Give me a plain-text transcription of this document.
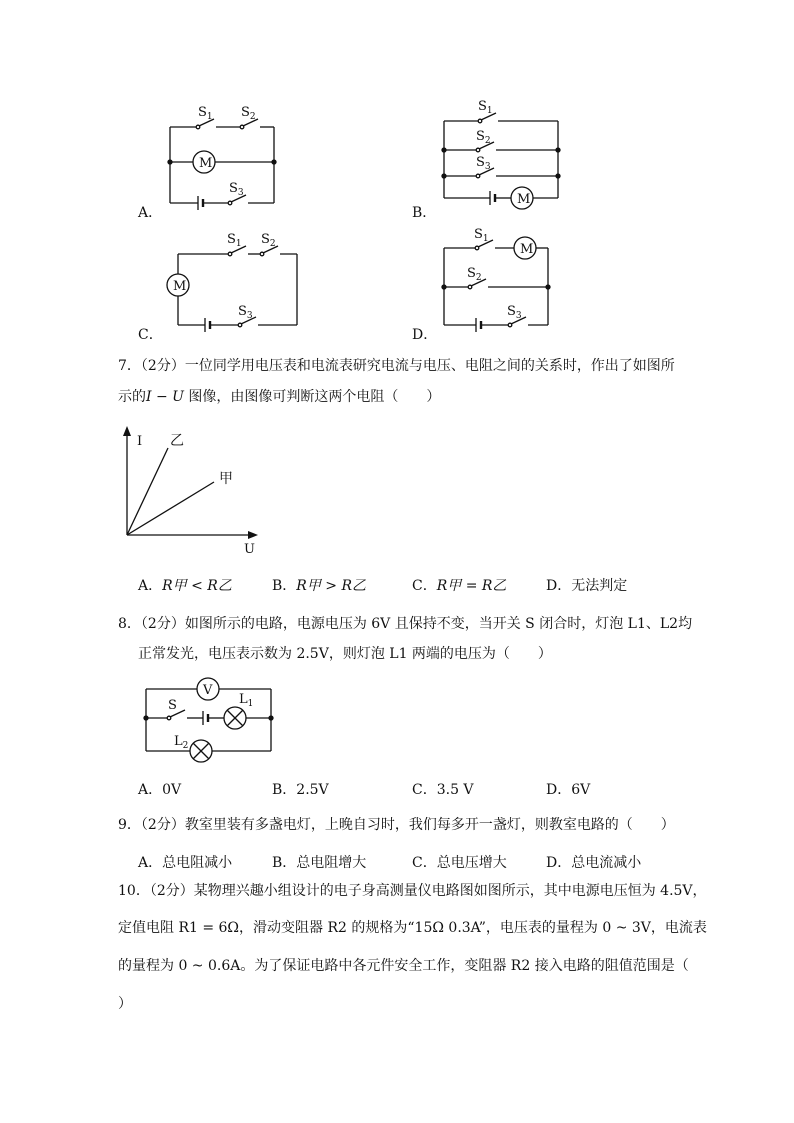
$S_1$ $S_2$
M
$S_3$
$S_1$
$S_2$
$S_3$
M
$S_1$ $S_2$
M
$S_3$
$S_1$
M
$S_2$
$S_3$
A．	B．
C．	D．
7．（2分）一位同学用电压表和电流表研究电流与电压、电阻之间的关系时，作出了如图所
示的I − U 图像，由图像可判断这两个电阻（　　）
I
U
乙
甲
A．R甲 < R乙	B．R甲 > R乙	C．R甲 = R乙	D．无法判定
8．（2分）如图所示的电路，电源电压为 6V 且保持不变，当开关 S 闭合时，灯泡 L1、L2均
正常发光，电压表示数为 2.5V，则灯泡 L1 两端的电压为（　　）
V
S	$L_1$
$L_2$
A．0V	B．2.5V	C．3.5 V	D．6V
9．（2分）教室里装有多盏电灯，上晚自习时，我们每多开一盏灯，则教室电路的（　　）
A．总电阻减小	B．总电阻增大	C．总电压增大	D．总电流减小
10．（2分）某物理兴趣小组设计的电子身高测量仪电路图如图所示，其中电源电压恒为 4.5V，
定值电阻 R1 = 6Ω，滑动变阻器 R2 的规格为“15Ω 0.3A”，电压表的量程为 0 ~ 3V，电流表
的量程为 0 ~ 0.6A。为了保证电路中各元件安全工作，变阻器 R2 接入电路的阻值范围是（
）
